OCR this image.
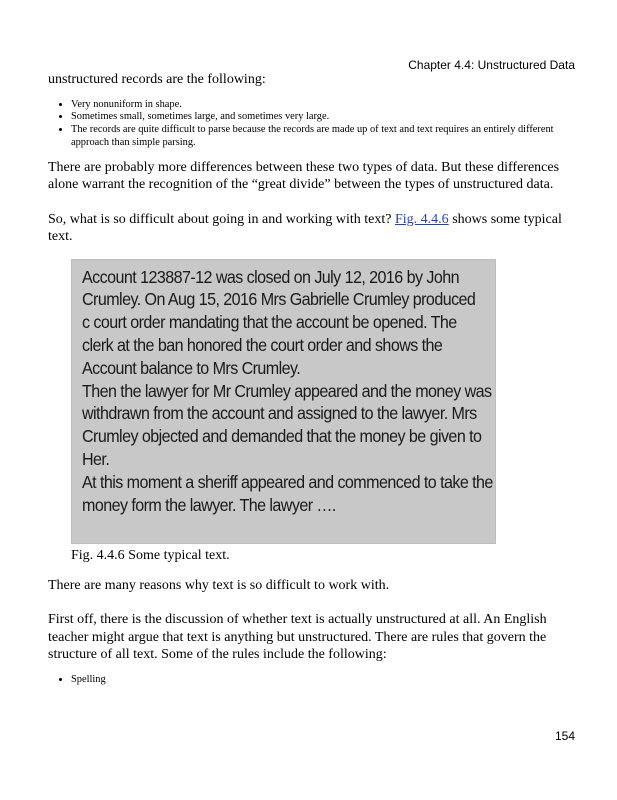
Chapter 4.4: Unstructured Data

unstructured records are the following:

• Very nonuniform in shape.
• Sometimes small, sometimes large, and sometimes very large.
• The records are quite difficult to parse because the records are made up of text and text requires an entirely different approach than simple parsing.

There are probably more differences between these two types of data. But these differences alone warrant the recognition of the “great divide” between the types of unstructured data.

So, what is so difficult about going in and working with text? Fig. 4.4.6 shows some typical text.

Account 123887-12 was closed on July 12, 2016 by John
Crumley. On Aug 15, 2016 Mrs Gabrielle Crumley produced
c court order mandating that the account be opened. The
clerk at the ban honored the court order and shows the
Account balance to Mrs Crumley.
Then the lawyer for Mr Crumley appeared and the money was
withdrawn from the account and assigned to the lawyer. Mrs
Crumley objected and demanded that the money be given to
Her.
At this moment a sheriff appeared and commenced to take the
money form the lawyer. The lawyer ….

Fig. 4.4.6 Some typical text.

There are many reasons why text is so difficult to work with.

First off, there is the discussion of whether text is actually unstructured at all. An English teacher might argue that text is anything but unstructured. There are rules that govern the structure of all text. Some of the rules include the following:

• Spelling
154
